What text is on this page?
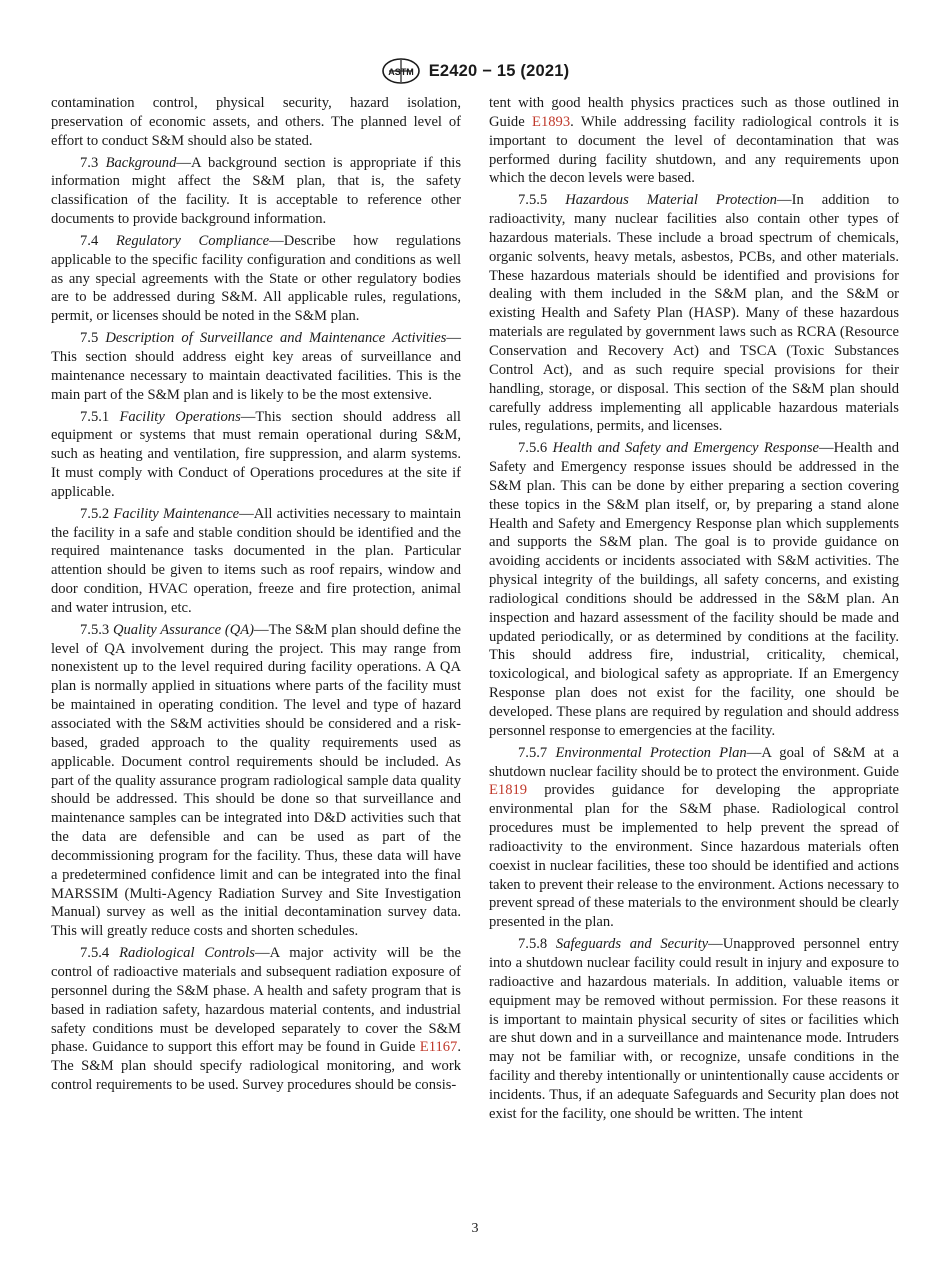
ASTM E2420 − 15 (2021)

contamination control, physical security, hazard isolation, preservation of economic assets, and others. The planned level of effort to conduct S&M should also be stated.

7.3 Background—A background section is appropriate if this information might affect the S&M plan, that is, the safety classification of the facility. It is acceptable to reference other documents to provide background information.

7.4 Regulatory Compliance—Describe how regulations applicable to the specific facility configuration and conditions as well as any special agreements with the State or other regulatory bodies are to be addressed during S&M. All applicable rules, regulations, permit, or licenses should be noted in the S&M plan.

7.5 Description of Surveillance and Maintenance Activities—This section should address eight key areas of surveillance and maintenance necessary to maintain deactivated facilities. This is the main part of the S&M plan and is likely to be the most extensive.

7.5.1 Facility Operations—This section should address all equipment or systems that must remain operational during S&M, such as heating and ventilation, fire suppression, and alarm systems. It must comply with Conduct of Operations procedures at the site if applicable.

7.5.2 Facility Maintenance—All activities necessary to maintain the facility in a safe and stable condition should be identified and the required maintenance tasks documented in the plan. Particular attention should be given to items such as roof repairs, window and door condition, HVAC operation, freeze and fire protection, animal and water intrusion, etc.

7.5.3 Quality Assurance (QA)—The S&M plan should define the level of QA involvement during the project. This may range from nonexistent up to the level required during facility operations. A QA plan is normally applied in situations where parts of the facility must be maintained in operating condition. The level and type of hazard associated with the S&M activities should be considered and a risk-based, graded approach to the quality requirements used as applicable. Document control requirements should be included. As part of the quality assurance program radiological sample data quality should be addressed. This should be done so that surveillance and maintenance samples can be integrated into D&D activities such that the data are defensible and can be used as part of the decommissioning program for the facility. Thus, these data will have a predetermined confidence limit and can be integrated into the final MARSSIM (Multi-Agency Radiation Survey and Site Investigation Manual) survey as well as the initial decontamination survey data. This will greatly reduce costs and shorten schedules.

7.5.4 Radiological Controls—A major activity will be the control of radioactive materials and subsequent radiation exposure of personnel during the S&M phase. A health and safety program that is based in radiation safety, hazardous material contents, and industrial safety conditions must be developed separately to cover the S&M phase. Guidance to support this effort may be found in Guide E1167. The S&M plan should specify radiological monitoring, and work control requirements to be used. Survey procedures should be consis-

tent with good health physics practices such as those outlined in Guide E1893. While addressing facility radiological controls it is important to document the level of decontamination that was performed during facility shutdown, and any requirements upon which the decon levels were based.

7.5.5 Hazardous Material Protection—In addition to radioactivity, many nuclear facilities also contain other types of hazardous materials. These include a broad spectrum of chemicals, organic solvents, heavy metals, asbestos, PCBs, and other materials. These hazardous materials should be identified and provisions for dealing with them included in the S&M plan, and the S&M or existing Health and Safety Plan (HASP). Many of these hazardous materials are regulated by government laws such as RCRA (Resource Conservation and Recovery Act) and TSCA (Toxic Substances Control Act), and as such require special provisions for their handling, storage, or disposal. This section of the S&M plan should carefully address implementing all applicable hazardous materials rules, regulations, permits, and licenses.

7.5.6 Health and Safety and Emergency Response—Health and Safety and Emergency response issues should be addressed in the S&M plan. This can be done by either preparing a section covering these topics in the S&M plan itself, or, by preparing a stand alone Health and Safety and Emergency Response plan which supplements and supports the S&M plan. The goal is to provide guidance on avoiding accidents or incidents associated with S&M activities. The physical integrity of the buildings, all safety concerns, and existing radiological conditions should be addressed in the S&M plan. An inspection and hazard assessment of the facility should be made and updated periodically, or as determined by conditions at the facility. This should address fire, industrial, criticality, chemical, toxicological, and biological safety as appropriate. If an Emergency Response plan does not exist for the facility, one should be developed. These plans are required by regulation and should address personnel response to emergencies at the facility.

7.5.7 Environmental Protection Plan—A goal of S&M at a shutdown nuclear facility should be to protect the environment. Guide E1819 provides guidance for developing the appropriate environmental plan for the S&M phase. Radiological control procedures must be implemented to help prevent the spread of radioactivity to the environment. Since hazardous materials often coexist in nuclear facilities, these too should be identified and actions taken to prevent their release to the environment. Actions necessary to prevent spread of these materials to the environment should be clearly presented in the plan.

7.5.8 Safeguards and Security—Unapproved personnel entry into a shutdown nuclear facility could result in injury and exposure to radioactive and hazardous materials. In addition, valuable items or equipment may be removed without permission. For these reasons it is important to maintain physical security of sites or facilities which are shut down and in a surveillance and maintenance mode. Intruders may not be familiar with, or recognize, unsafe conditions in the facility and thereby intentionally or unintentionally cause accidents or incidents. Thus, if an adequate Safeguards and Security plan does not exist for the facility, one should be written. The intent

3
